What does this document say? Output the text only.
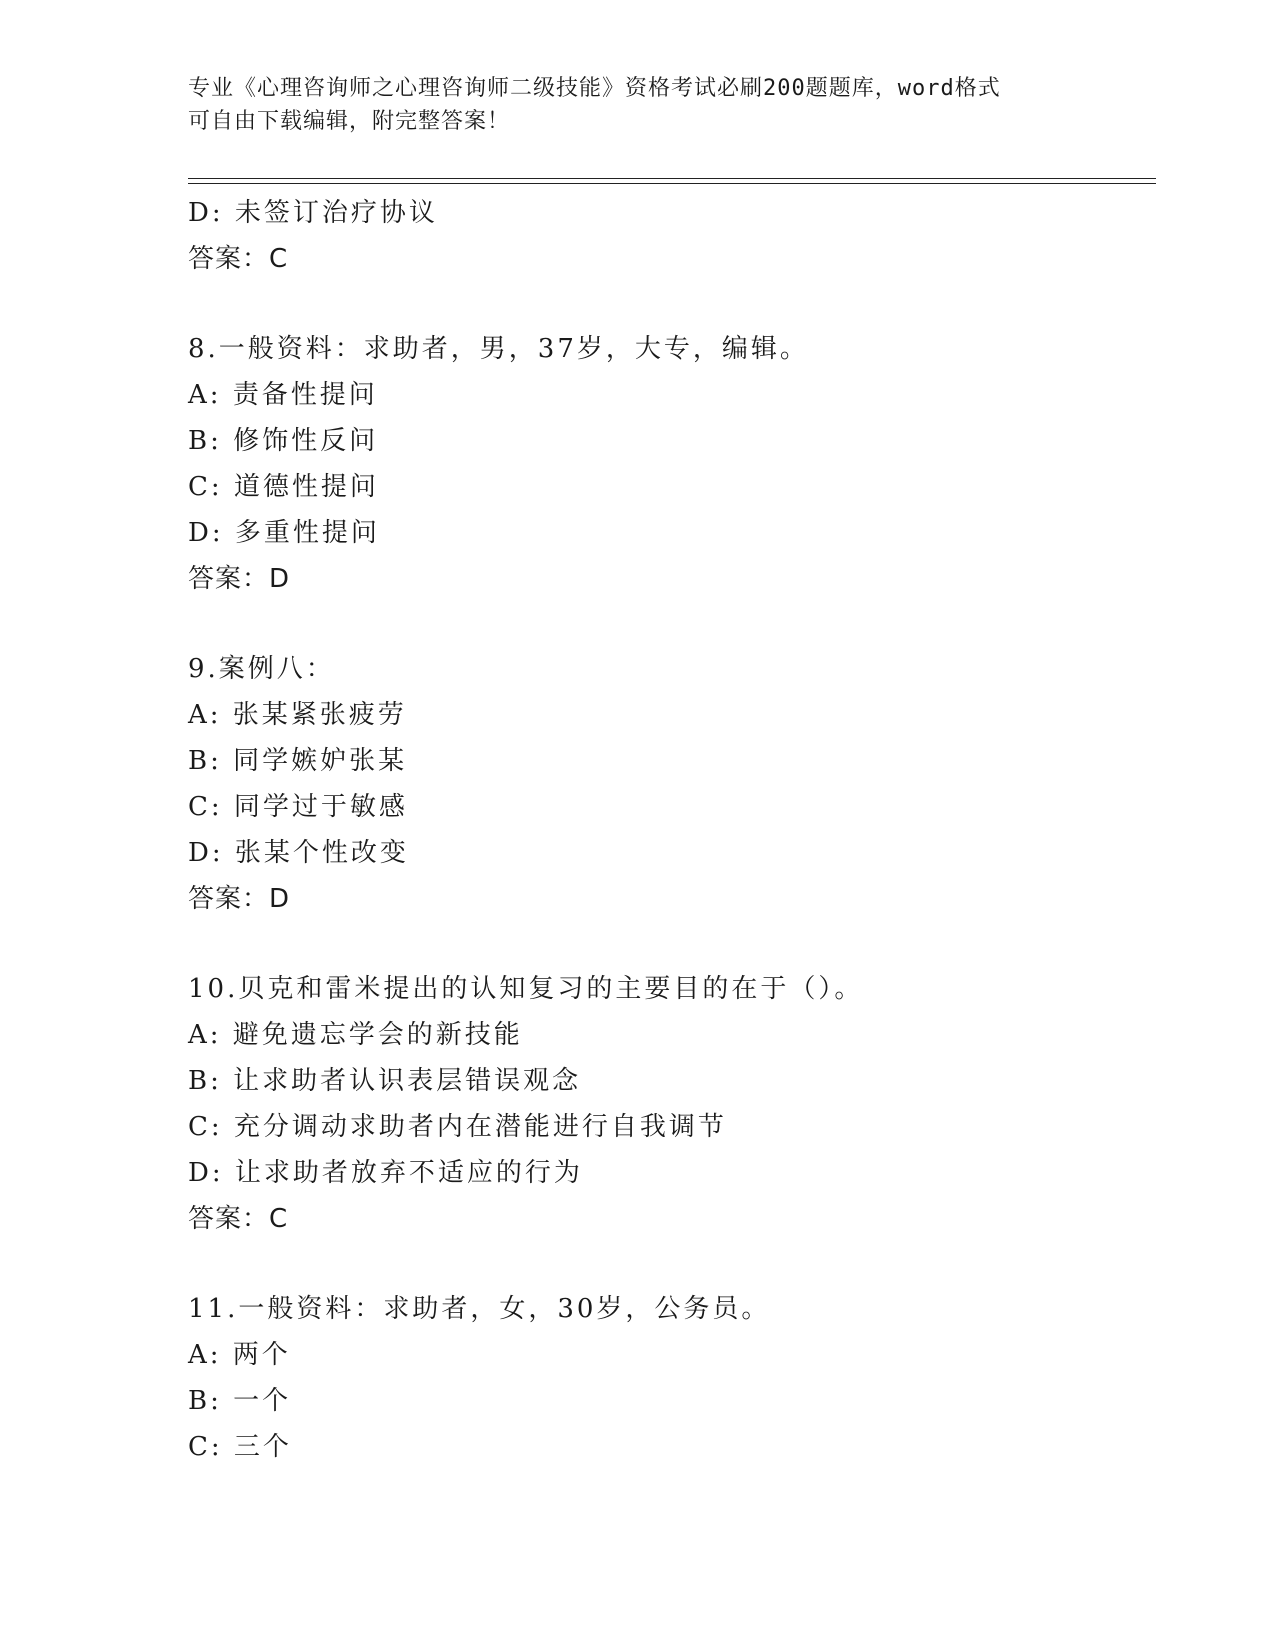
专业《心理咨询师之心理咨询师二级技能》资格考试必刷200题题库，word格式
可自由下载编辑，附完整答案！
D: 未签订治疗协议
答案：C
8.一般资料：求助者，男，37岁，大专，编辑。
A: 责备性提问
B: 修饰性反问
C: 道德性提问
D: 多重性提问
答案：D
9.案例八：
A: 张某紧张疲劳
B: 同学嫉妒张某
C: 同学过于敏感
D: 张某个性改变
答案：D
10.贝克和雷米提出的认知复习的主要目的在于（）。
A: 避免遗忘学会的新技能
B: 让求助者认识表层错误观念
C: 充分调动求助者内在潜能进行自我调节
D: 让求助者放弃不适应的行为
答案：C
11.一般资料：求助者，女，30岁，公务员。
A: 两个
B: 一个
C: 三个
